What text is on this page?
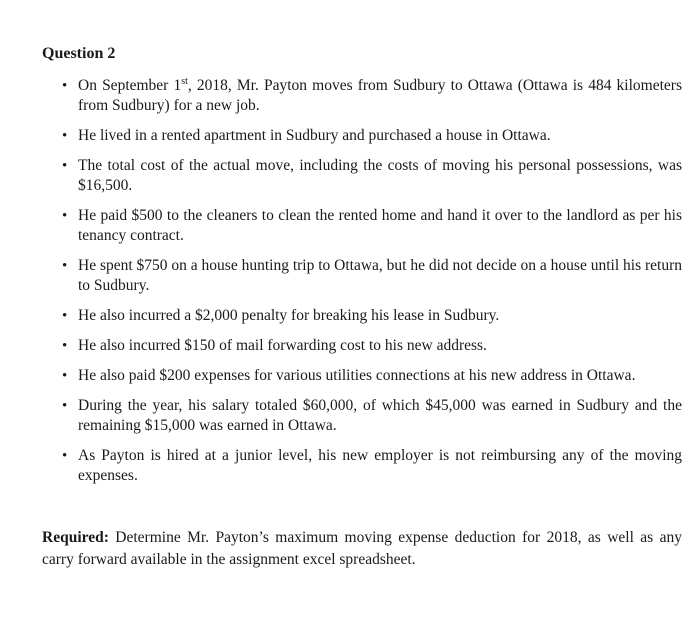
Question 2
• On September 1st, 2018, Mr. Payton moves from Sudbury to Ottawa (Ottawa is 484 kilometers from Sudbury) for a new job.
• He lived in a rented apartment in Sudbury and purchased a house in Ottawa.
• The total cost of the actual move, including the costs of moving his personal possessions, was $16,500.
• He paid $500 to the cleaners to clean the rented home and hand it over to the landlord as per his tenancy contract.
• He spent $750 on a house hunting trip to Ottawa, but he did not decide on a house until his return to Sudbury.
• He also incurred a $2,000 penalty for breaking his lease in Sudbury.
• He also incurred $150 of mail forwarding cost to his new address.
• He also paid $200 expenses for various utilities connections at his new address in Ottawa.
• During the year, his salary totaled $60,000, of which $45,000 was earned in Sudbury and the remaining $15,000 was earned in Ottawa.
• As Payton is hired at a junior level, his new employer is not reimbursing any of the moving expenses.

Required: Determine Mr. Payton’s maximum moving expense deduction for 2018, as well as any carry forward available in the assignment excel spreadsheet.
